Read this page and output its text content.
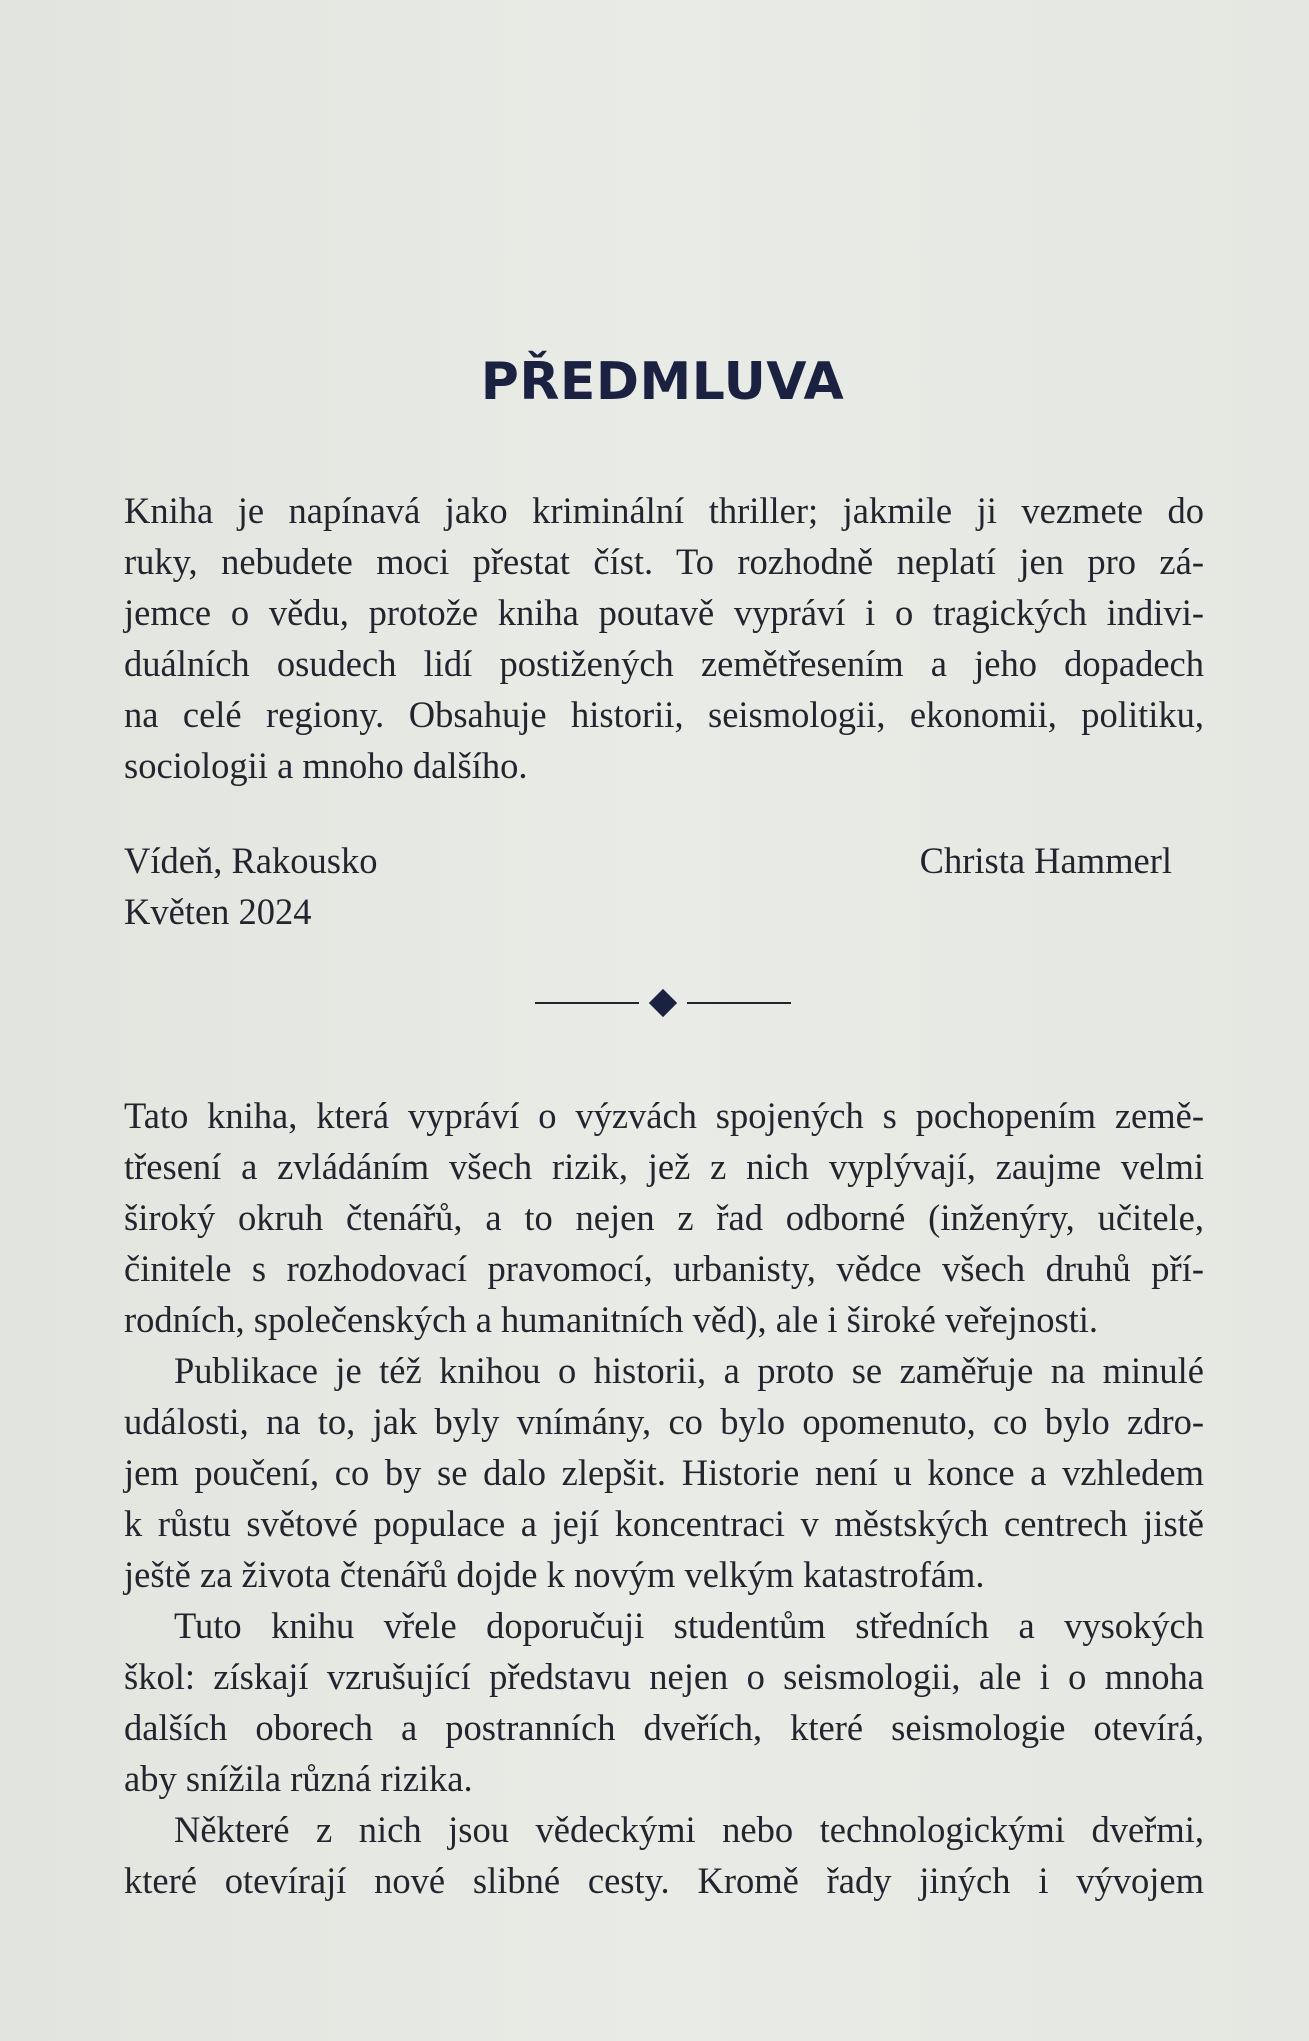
PŘEDMLUVA
Kniha je napínavá jako kriminální thriller; jakmile ji vezmete do
ruky, nebudete moci přestat číst. To rozhodně neplatí jen pro zá-
jemce o vědu, protože kniha poutavě vypráví i o tragických indivi-
duálních osudech lidí postižených zemětřesením a jeho dopadech
na celé regiony. Obsahuje historii, seismologii, ekonomii, politiku,
sociologii a mnoho dalšího.
Vídeň, Rakousko
Květen 2024
Christa Hammerl
Tato kniha, která vypráví o výzvách spojených s pochopením země-
třesení a zvládáním všech rizik, jež z nich vyplývají, zaujme velmi
široký okruh čtenářů, a to nejen z řad odborné (inženýry, učitele,
činitele s rozhodovací pravomocí, urbanisty, vědce všech druhů pří-
rodních, společenských a humanitních věd), ale i široké veřejnosti.
Publikace je též knihou o historii, a proto se zaměřuje na minulé
události, na to, jak byly vnímány, co bylo opomenuto, co bylo zdro-
jem poučení, co by se dalo zlepšit. Historie není u konce a vzhledem
k růstu světové populace a její koncentraci v městských centrech jistě
ještě za života čtenářů dojde k novým velkým katastrofám.
Tuto knihu vřele doporučuji studentům středních a vysokých
škol: získají vzrušující představu nejen o seismologii, ale i o mnoha
dalších oborech a postranních dveřích, které seismologie otevírá,
aby snížila různá rizika.
Některé z nich jsou vědeckými nebo technologickými dveřmi,
které otevírají nové slibné cesty. Kromě řady jiných i vývojem
